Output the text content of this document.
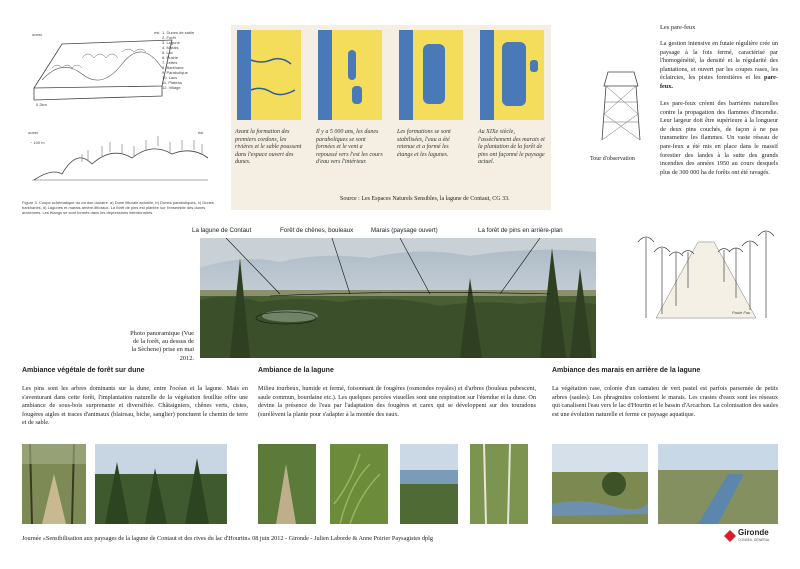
ouest	est
0 2km
1. Dunes de sable
2. Forêt
3. Lagune
4. Marais
5. Lac
6. Prairie
7. Lettes
8. Barkhane
9. Parabolique
10. Lacs
11. Plateau
12. Village
ouest	est
~ 100 m
Figure 3. Coupe schématique du cordon dunaire. a) Dune littorale actuelle, b) Dunes paraboliques, c) Dunes barkhanes, d) Lagunes et marais arrière-littoraux. La forêt de pins est plantée sur l'ensemble des dunes anciennes. Les étangs se sont formés dans les dépressions interdunaires.
Avant la formation des premiers cordons, les rivières et le sable poussent dans l'espace ouvert des dunes.
Il y a 5 000 ans, les dunes paraboliques se sont formées et le vent a repoussé vers l'est les cours d'eau vers l'intérieur.
Les formations se sont stabilisées, l'eau a été retenue et a formé les étangs et les lagunes.
Au XIXe siècle, l'assèchement des marais et la plantation de la forêt de pins ont façonné le paysage actuel.
Source : Les Espaces Naturels Sensibles, la lagune de Contaut, CG 33.
Les pare-feux
La gestion intensive en futaie régulière crée un paysage à la fois fermé, caractérisé par l'homogénéité, la densité et la régularité des plantations, et ouvert par les coupes rases, les éclaircies, les pistes forestières et les pare-feux.
Les pare-feux créent des barrières naturelles contre la propagation des flammes d'incendie. Leur largeur doit être supérieure à la longueur de deux pins couchés, de façon à ne pas transmettre les flammes. Un vaste réseau de pare-feux a été mis en place dans le massif forestier des landes à la suite des grands incendies des années 1950 au cours desquels plus de 300 000 ha de forêts ont été ravagés.
Tour d'observation
Paule Fau
La lagune de Contaut	Forêt de chênes, bouleaux	Marais (paysage ouvert)	La forêt de pins en arrière-plan
Photo panoramique (Vue de la forêt, au dessus de la Sèchene) prise en mai 2012.
Ambiance végétale de forêt sur dune
Les pins sont les arbres dominants sur la dune, entre l'océan et la lagune. Mais en s'aventurant dans cette forêt, l'implantation naturelle de la végétation feuillue offre une ambiance de sous-bois surprenante et diversifiée. Châtaigniers, chênes verts, cistes, fougères aigles et traces d'animaux (blaireau, biche, sanglier) ponctuent le chemin de terre et de sable.
Ambiance de la lagune
Milieu tourbeux, humide et fermé, foisonnant de fougères (osmondes royales) et d'arbres (bouleau pubescent, saule commun, bourdaine etc.). Les quelques percées visuelles sont une respiration sur l'étendue et la dune. On devine la présence de l'eau par l'adaptation des fougères et carex qui se développent sur des touradons (surélèvent la plante pour s'adapter à la montée des eaux.
Ambiance des marais en arrière de la lagune
La végétation rase, colorée d'un camaïeu de vert pastel est parfois parsemée de petits arbres (saules). Les phragmites colonisent le marais. Les crastes d'eaux sont les réseaux qui canalisent l'eau vers le lac d'Hourtin et le bassin d'Arcachon. La colonisation des saules est une évolution naturelle et ferme ce paysage aquatique.
Journée «Sensibilisation aux paysages de la lagune de Contaut et des rives du lac d'Hourtin» 08 juin 2012 - Gironde - Julien Laborde & Anne Poirier Paysagistes dplg
Gironde
CONSEIL GÉNÉRAL
